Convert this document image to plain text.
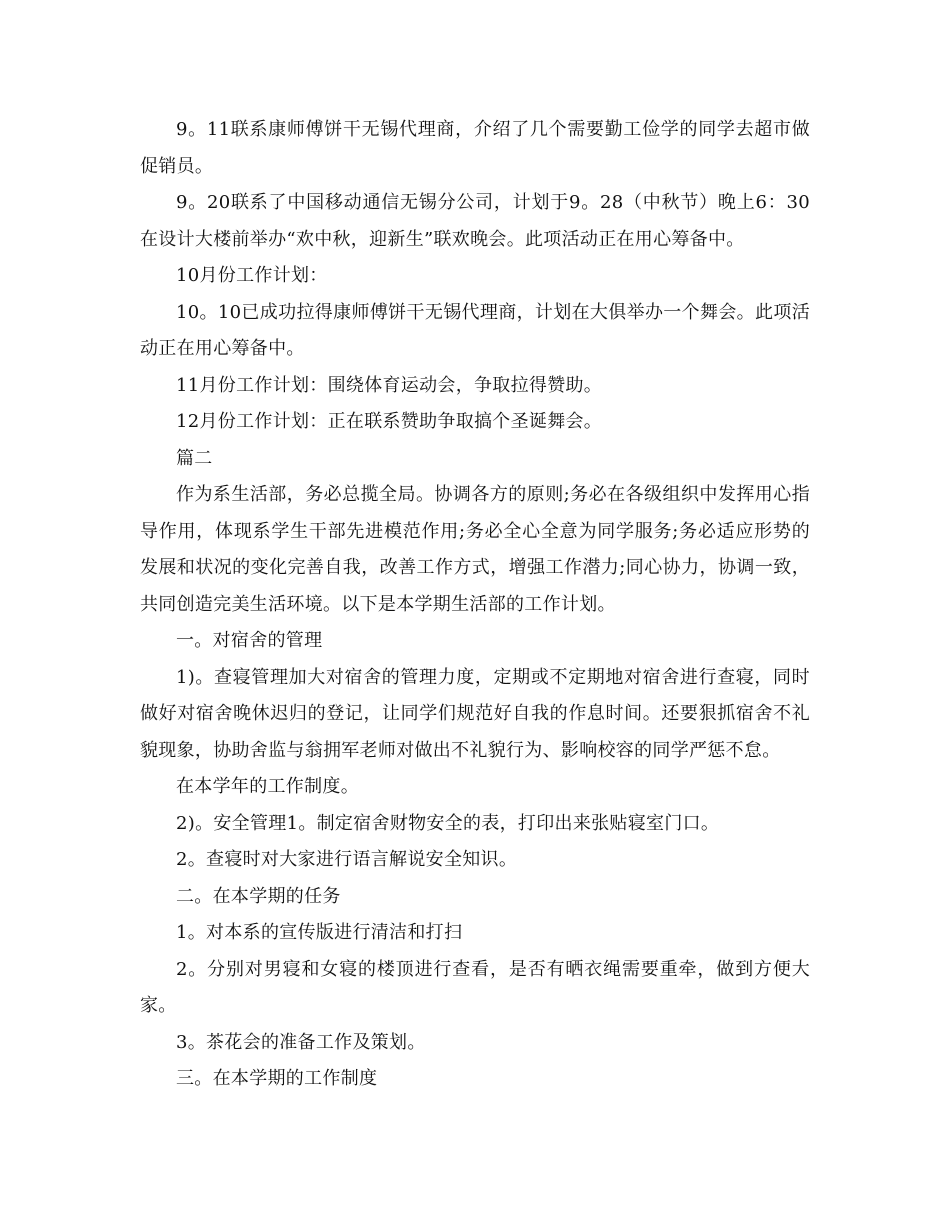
9。11联系康师傅饼干无锡代理商，介绍了几个需要勤工俭学的同学去超市做促销员。

9。20联系了中国移动通信无锡分公司，计划于9。28（中秋节）晚上6：30在设计大楼前举办“欢中秋，迎新生”联欢晚会。此项活动正在用心筹备中。

10月份工作计划：

10。10已成功拉得康师傅饼干无锡代理商，计划在大俱举办一个舞会。此项活动正在用心筹备中。

11月份工作计划：围绕体育运动会，争取拉得赞助。

12月份工作计划：正在联系赞助争取搞个圣诞舞会。

篇二

作为系生活部，务必总揽全局。协调各方的原则;务必在各级组织中发挥用心指导作用，体现系学生干部先进模范作用;务必全心全意为同学服务;务必适应形势的发展和状况的变化完善自我，改善工作方式，增强工作潜力;同心协力，协调一致，共同创造完美生活环境。以下是本学期生活部的工作计划。

一。对宿舍的管理

1)。查寝管理加大对宿舍的管理力度，定期或不定期地对宿舍进行查寝，同时做好对宿舍晚休迟归的登记，让同学们规范好自我的作息时间。还要狠抓宿舍不礼貌现象，协助舍监与翁拥军老师对做出不礼貌行为、影响校容的同学严惩不怠。

在本学年的工作制度。

2)。安全管理1。制定宿舍财物安全的表，打印出来张贴寝室门口。

2。查寝时对大家进行语言解说安全知识。

二。在本学期的任务

1。对本系的宣传版进行清洁和打扫

2。分别对男寝和女寝的楼顶进行查看，是否有晒衣绳需要重牵，做到方便大家。

3。茶花会的准备工作及策划。

三。在本学期的工作制度
